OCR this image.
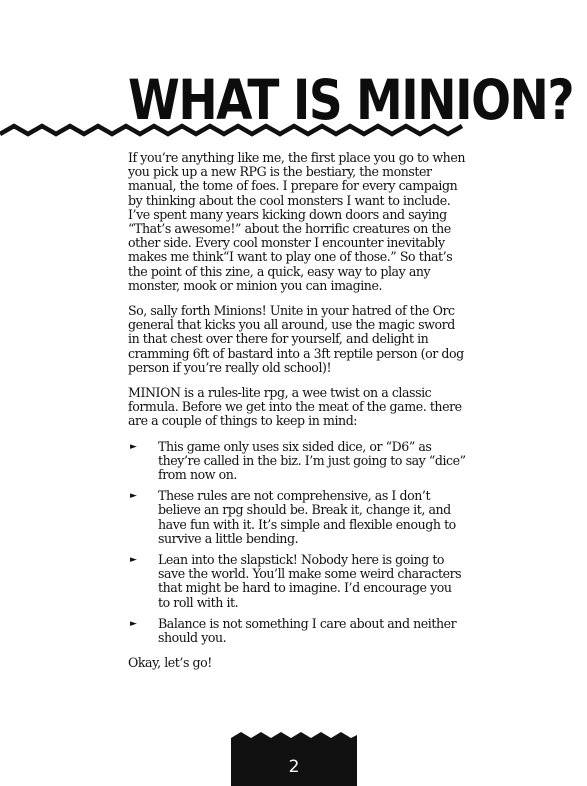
WHAT IS MINION?

If you’re anything like me, the first place you go to when you pick up a new RPG is the bestiary, the monster manual, the tome of foes. I prepare for every campaign by thinking about the cool monsters I want to include. I’ve spent many years kicking down doors and saying “That’s awesome!” about the horrific creatures on the other side. Every cool monster I encounter inevitably makes me think“I want to play one of those.” So that’s the point of this zine, a quick, easy way to play any monster, mook or minion you can imagine.

So, sally forth Minions! Unite in your hatred of the Orc general that kicks you all around, use the magic sword in that chest over there for yourself, and delight in cramming 6ft of bastard into a 3ft reptile person (or dog person if you’re really old school)!

MINION is a rules-lite rpg, a wee twist on a classic formula. Before we get into the meat of the game. there are a couple of things to keep in mind:

► This game only uses six sided dice, or “D6” as they’re called in the biz. I’m just going to say “dice” from now on.
► These rules are not comprehensive, as I don’t believe an rpg should be. Break it, change it, and have fun with it. It’s simple and flexible enough to survive a little bending.
► Lean into the slapstick! Nobody here is going to save the world. You’ll make some weird characters that might be hard to imagine. I’d encourage you to roll with it.
► Balance is not something I care about and neither should you.

Okay, let’s go!

2
